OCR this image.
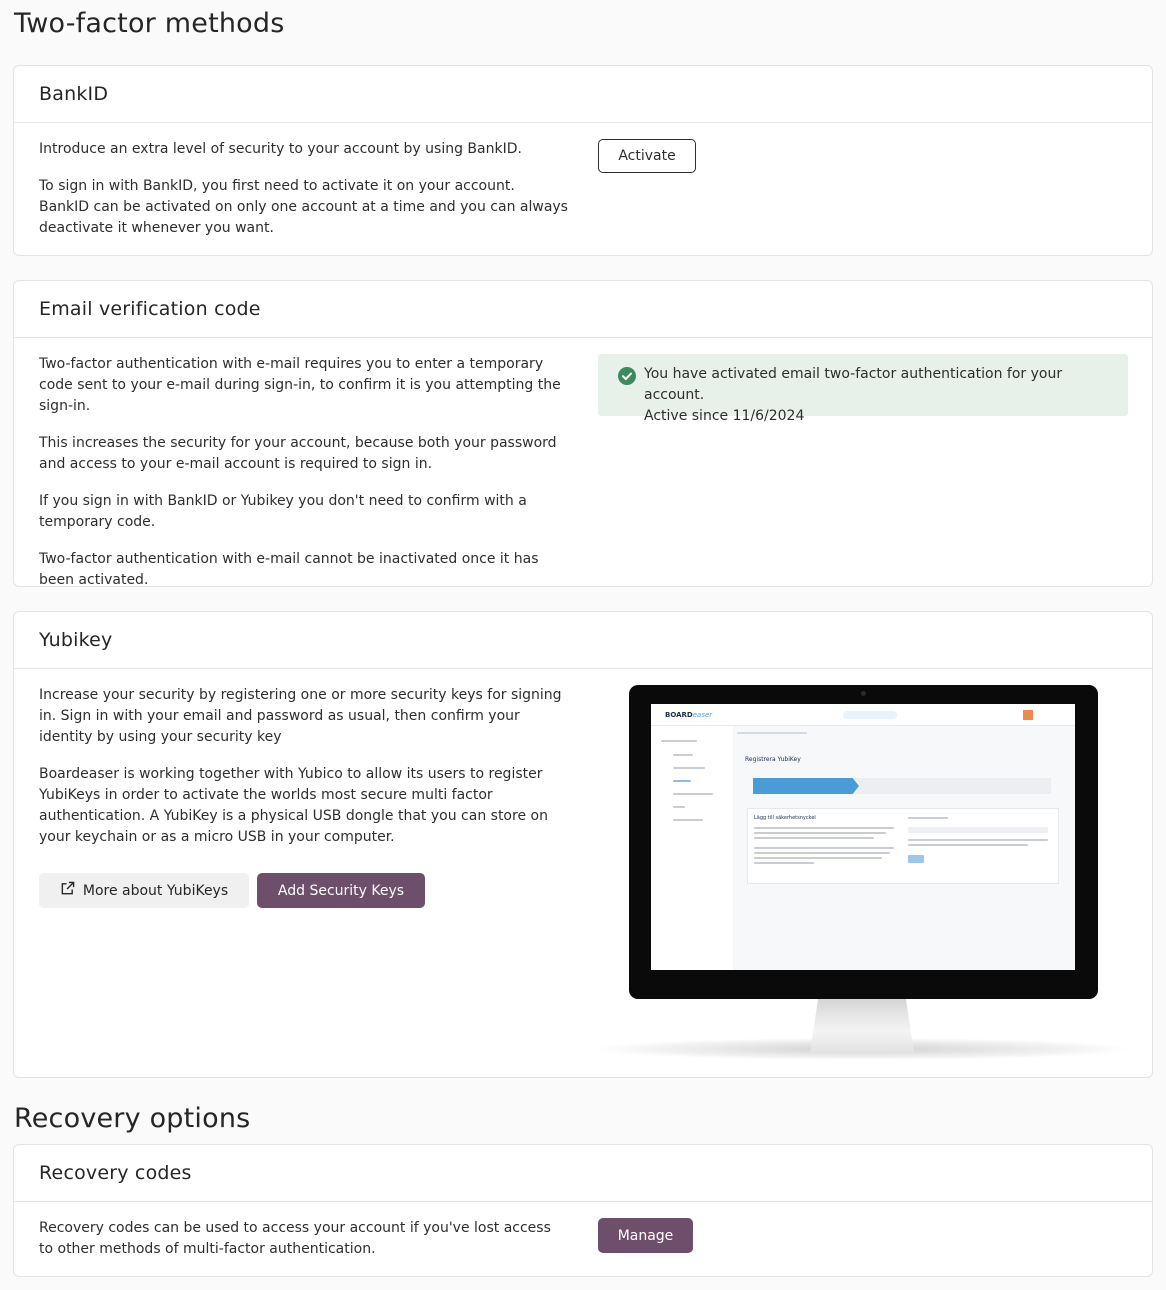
Two-factor methods
BankID

Introduce an extra level of security to your account by using BankID.

To sign in with BankID, you first need to activate it on your account. BankID can be activated on only one account at a time and you can always deactivate it whenever you want.

Activate
Email verification code

Two-factor authentication with e-mail requires you to enter a temporary code sent to your e-mail during sign-in, to confirm it is you attempting the sign-in.

This increases the security for your account, because both your password and access to your e-mail account is required to sign in.

If you sign in with BankID or Yubikey you don't need to confirm with a temporary code.

Two-factor authentication with e-mail cannot be inactivated once it has been activated.

You have activated email two-factor authentication for your account.
Active since 11/6/2024
Yubikey

Increase your security by registering one or more security keys for signing in. Sign in with your email and password as usual, then confirm your identity by using your security key

Boardeaser is working together with Yubico to allow its users to register YubiKeys in order to activate the worlds most secure multi factor authentication. A YubiKey is a physical USB dongle that you can store on your keychain or as a micro USB in your computer.

More about YubiKeys	Add Security Keys
BOARDeaser
Registrera YubiKey
Lägg till säkerhetsnyckel
Recovery options
Recovery codes

Recovery codes can be used to access your account if you've lost access to other methods of multi-factor authentication.

Manage
